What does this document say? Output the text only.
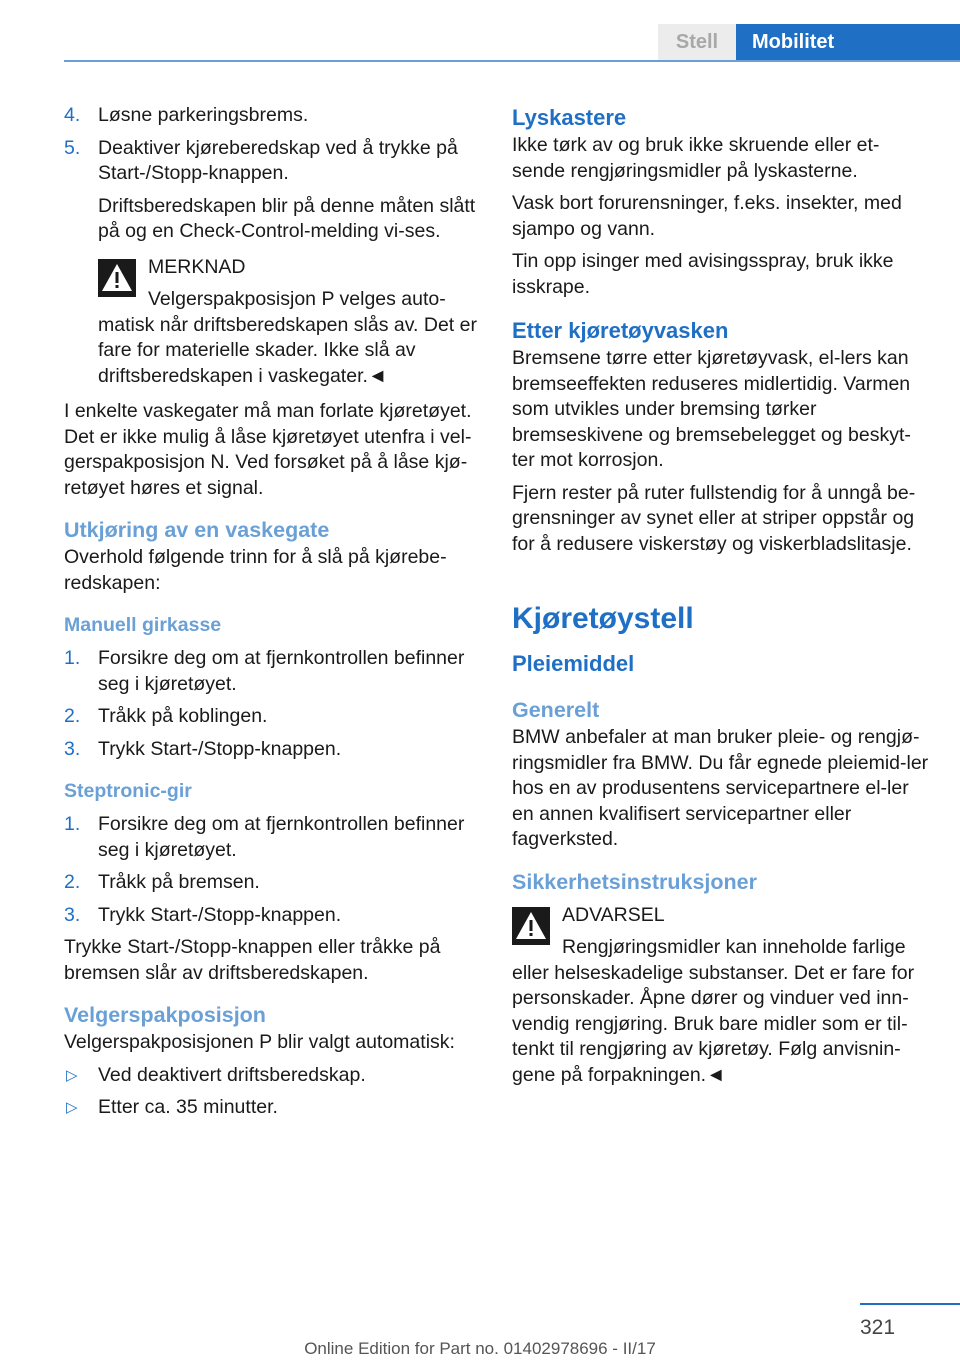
Stell	Mobilitet
4. Løsne parkeringsbrems.
5. Deaktiver kjøreberedskap ved å trykke på Start-/Stopp-knappen.

Driftsberedskapen blir på denne måten slått på og en Check-Control-melding vi-ses.

MERKNAD
Velgerspakposisjon P velges auto-
matisk når driftsberedskapen slås av. Det er fare for materielle skader. Ikke slå av driftsberedskapen i vaskegater.◄

I enkelte vaskegater må man forlate kjøretøyet. Det er ikke mulig å låse kjøretøyet utenfra i vel-gerspakposisjon N. Ved forsøket på å låse kjø-retøyet høres et signal.

Utkjøring av en vaskegate

Overhold følgende trinn for å slå på kjørebe-redskapen:

Manuell girkasse
1. Forsikre deg om at fjernkontrollen befinner seg i kjøretøyet.
2. Tråkk på koblingen.
3. Trykk Start-/Stopp-knappen.
Steptronic-gir
1. Forsikre deg om at fjernkontrollen befinner seg i kjøretøyet.
2. Tråkk på bremsen.
3. Trykk Start-/Stopp-knappen.

Trykke Start-/Stopp-knappen eller tråkke på bremsen slår av driftsberedskapen.

Velgerspakposisjon

Velgerspakposisjonen P blir valgt automatisk:

▷ Ved deaktivert driftsberedskap.
▷ Etter ca. 35 minutter.
Lyskastere

Ikke tørk av og bruk ikke skruende eller et-sende rengjøringsmidler på lyskasterne.

Vask bort forurensninger, f.eks. insekter, med sjampo og vann.

Tin opp isinger med avisingsspray, bruk ikke isskrape.

Etter kjøretøyvasken

Bremsene tørre etter kjøretøyvask, el-lers kan bremseeffekten reduseres midlertidig. Varmen som utvikles under bremsing tørker bremseskivene og bremsebelegget og beskyt-ter mot korrosjon.

Fjern rester på ruter fullstendig for å unngå be-grensninger av synet eller at striper oppstår og for å redusere viskerstøy og viskerbladslitasje.

Kjøretøystell
Pleiemiddel
Generelt

BMW anbefaler at man bruker pleie- og rengjø-ringsmidler fra BMW. Du får egnede pleiemid-ler hos en av produsentens servicepartnere el-ler en annen kvalifisert servicepartner eller fagverksted.

Sikkerhetsinstruksjoner
ADVARSEL
Rengjøringsmidler kan inneholde farlige
eller helseskadelige substanser. Det er fare for personskader. Åpne dører og vinduer ved inn-vendig rengjøring. Bruk bare midler som er til-tenkt til rengjøring av kjøretøy. Følg anvisnin-gene på forpakningen.◄
321
Online Edition for Part no. 01402978696 - II/17
